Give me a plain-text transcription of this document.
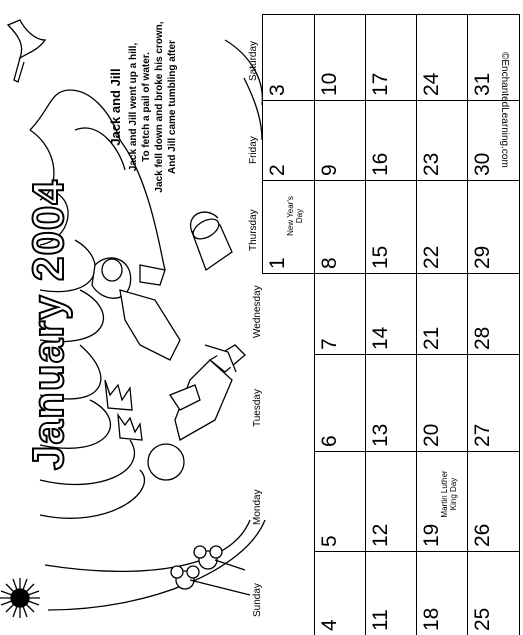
January 2004
Jack and Jill Jack and Jill went up a hill, To fetch a pail of water. Jack fell down and broke his crown, And Jill came tumbling after	©EnchantedLearning.com
1
New Year's Day
2
3
4
5
6
7
8
9
10
11
12
13
14
15
16
17
18
19
Martin Luther King Day
20
21
22
23
24
25
26
27
28
29
30
31
Sunday
Monday
Tuesday
Wednesday
Thursday
Friday
Saturday
